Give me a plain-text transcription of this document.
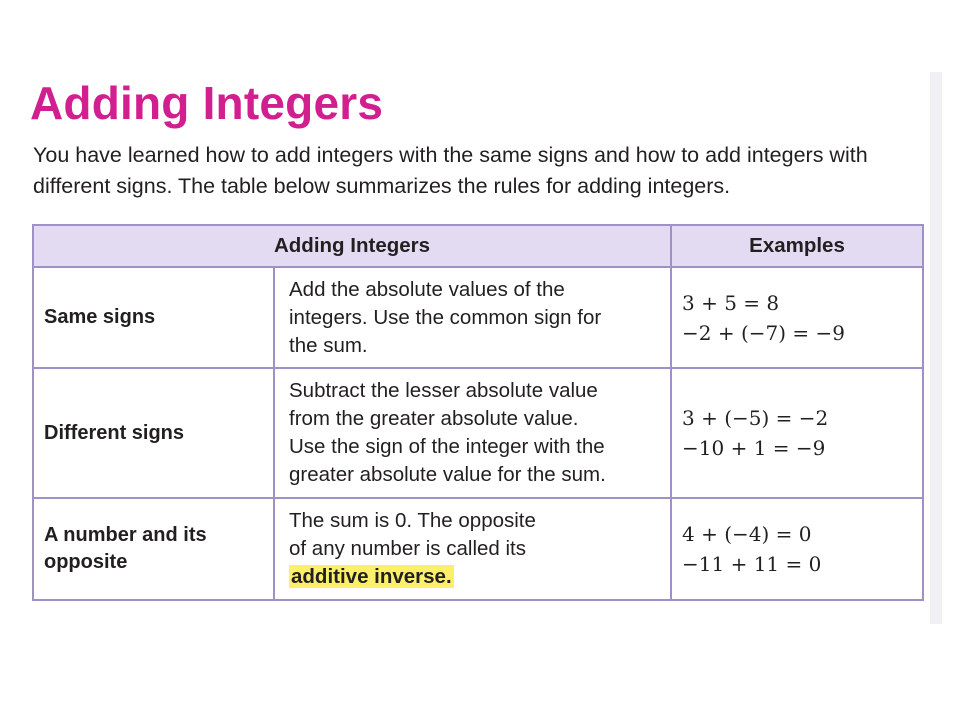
Adding Integers

You have learned how to add integers with the same signs and how to add integers with different signs. The table below summarizes the rules for adding integers.

Adding Integers		Examples
Same signs	Add the absolute values of the
integers. Use the common sign for
the sum.	3 + 5 = 8
−2 + (−7) = −9

Different signs	Subtract the lesser absolute value
from the greater absolute value.
Use the sign of the integer with the
greater absolute value for the sum.	3 + (−5) = −2
−10 + 1 = −9

A number and its
opposite	The sum is 0. The opposite
of any number is called its
additive inverse.	4 + (−4) = 0
−11 + 11 = 0
